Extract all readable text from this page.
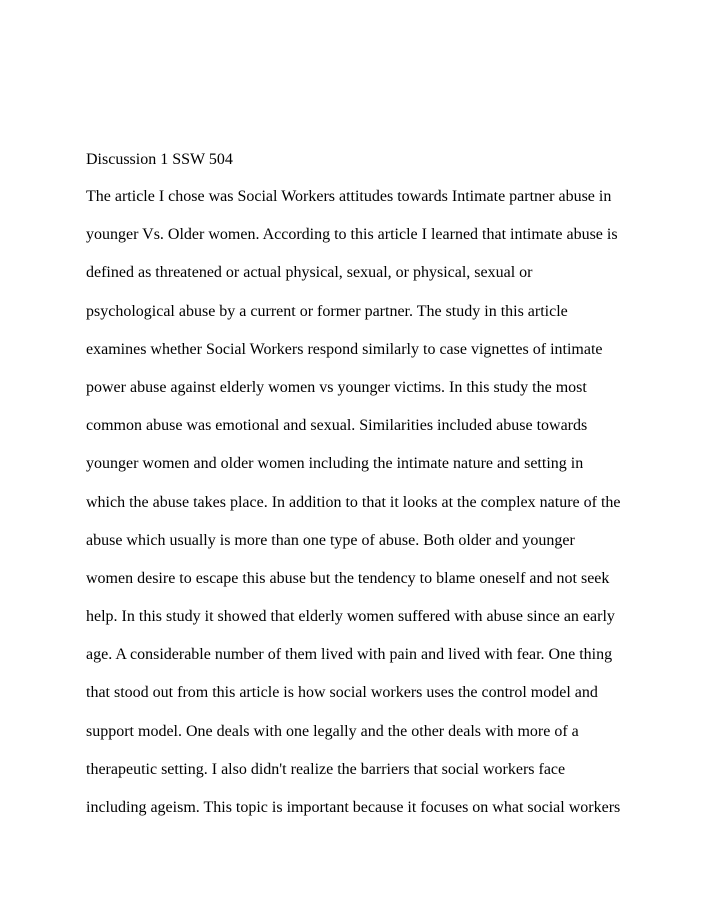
Discussion 1 SSW 504

The article I chose was Social Workers attitudes towards Intimate partner abuse in
younger Vs. Older women. According to this article I learned that intimate abuse is
defined as threatened or actual physical, sexual, or physical, sexual or
psychological abuse by a current or former partner. The study in this article
examines whether Social Workers respond similarly to case vignettes of intimate
power abuse against elderly women vs younger victims. In this study the most
common abuse was emotional and sexual. Similarities included abuse towards
younger women and older women including the intimate nature and setting in
which the abuse takes place. In addition to that it looks at the complex nature of the
abuse which usually is more than one type of abuse. Both older and younger
women desire to escape this abuse but the tendency to blame oneself and not seek
help. In this study it showed that elderly women suffered with abuse since an early
age. A considerable number of them lived with pain and lived with fear. One thing
that stood out from this article is how social workers uses the control model and
support model. One deals with one legally and the other deals with more of a
therapeutic setting. I also didn't realize the barriers that social workers face
including ageism. This topic is important because it focuses on what social workers
